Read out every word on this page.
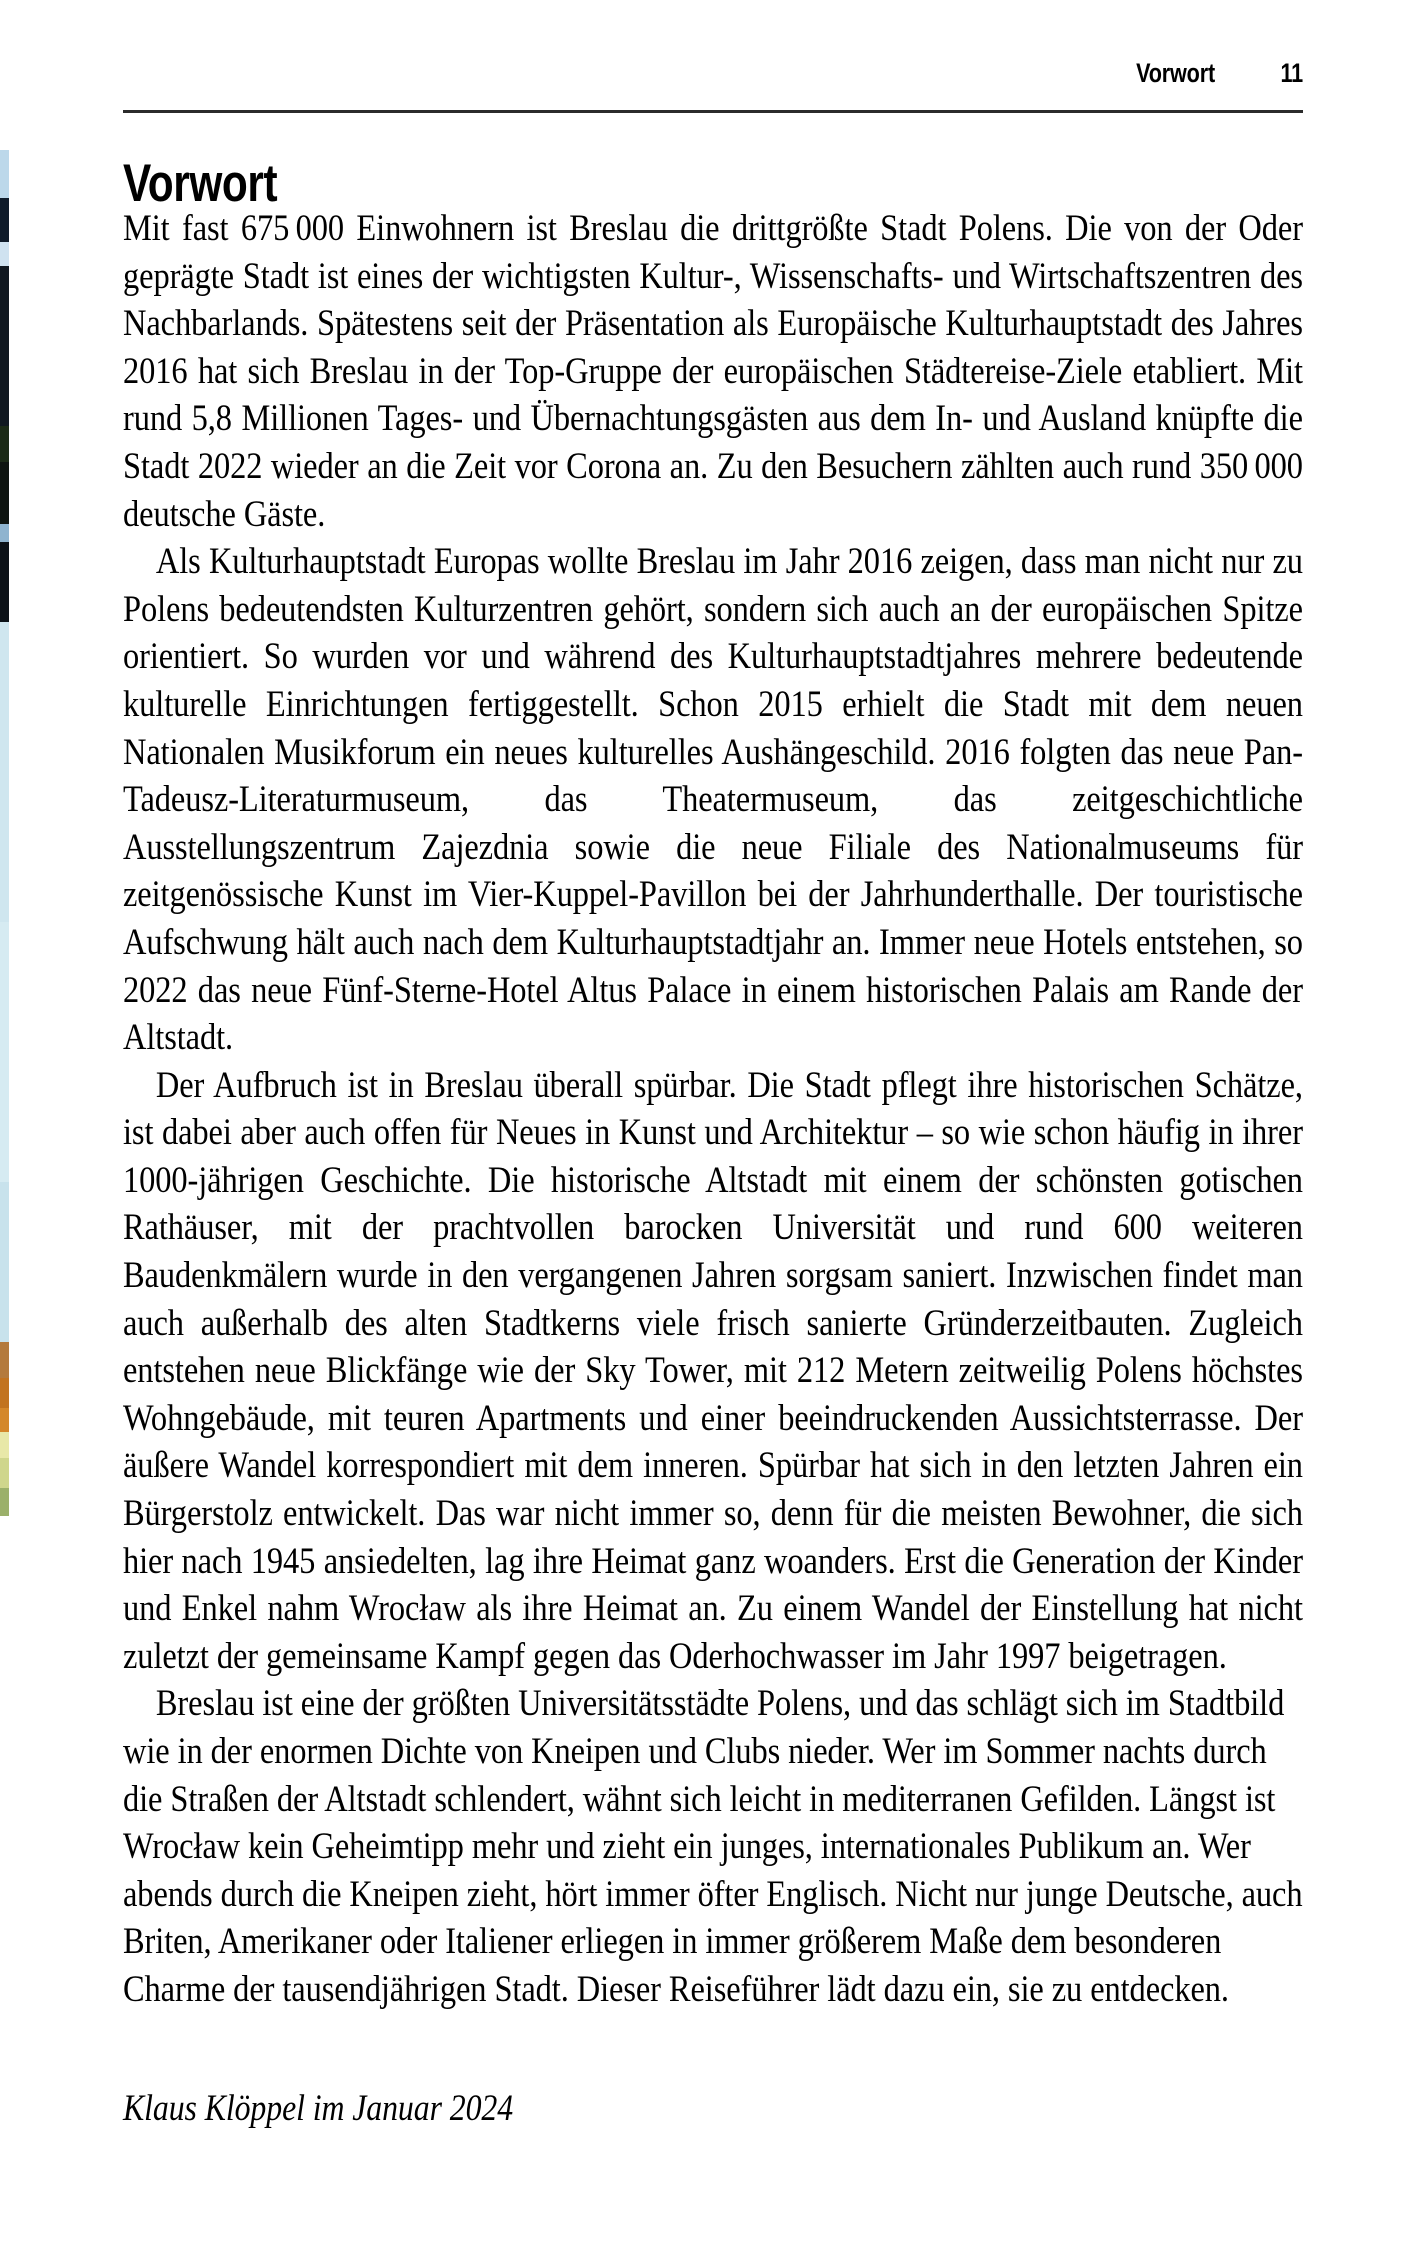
Vorwort 11
Vorwort

Mit fast 675 000 Einwohnern ist Breslau die drittgrößte Stadt Polens. Die von der Oder geprägte Stadt ist eines der wichtigsten Kultur-, Wissenschafts- und Wirtschaftszentren des Nachbarlands. Spätestens seit der Präsentation als Europäische Kulturhauptstadt des Jahres 2016 hat sich Breslau in der Top-Gruppe der europäischen Städtereise-Ziele etabliert. Mit rund 5,8 Millionen Tages- und Übernachtungsgästen aus dem In- und Ausland knüpfte die Stadt 2022 wieder an die Zeit vor Corona an. Zu den Besuchern zählten auch rund 350 000 deutsche Gäste.

Als Kulturhauptstadt Europas wollte Breslau im Jahr 2016 zeigen, dass man nicht nur zu Polens bedeutendsten Kulturzentren gehört, sondern sich auch an der europäischen Spitze orientiert. So wurden vor und während des Kulturhauptstadtjahres mehrere bedeutende kulturelle Einrichtungen fertiggestellt. Schon 2015 erhielt die Stadt mit dem neuen Nationalen Musikforum ein neues kulturelles Aushängeschild. 2016 folgten das neue Pan-Tadeusz-Literaturmuseum, das Theatermuseum, das zeitgeschichtliche Ausstellungszentrum Zajezdnia sowie die neue Filiale des Nationalmuseums für zeitgenössische Kunst im Vier-Kuppel-Pavillon bei der Jahrhunderthalle. Der touristische Aufschwung hält auch nach dem Kulturhauptstadtjahr an. Immer neue Hotels entstehen, so 2022 das neue Fünf-Sterne-Hotel Altus Palace in einem historischen Palais am Rande der Altstadt.

Der Aufbruch ist in Breslau überall spürbar. Die Stadt pflegt ihre historischen Schätze, ist dabei aber auch offen für Neues in Kunst und Architektur – so wie schon häufig in ihrer 1000-jährigen Geschichte. Die historische Altstadt mit einem der schönsten gotischen Rathäuser, mit der prachtvollen barocken Universität und rund 600 weiteren Baudenkmälern wurde in den vergangenen Jahren sorgsam saniert. Inzwischen findet man auch außerhalb des alten Stadtkerns viele frisch sanierte Gründerzeitbauten. Zugleich entstehen neue Blickfänge wie der Sky Tower, mit 212 Metern zeitweilig Polens höchstes Wohngebäude, mit teuren Apartments und einer beeindruckenden Aussichtsterrasse. Der äußere Wandel korrespondiert mit dem inneren. Spürbar hat sich in den letzten Jahren ein Bürgerstolz entwickelt. Das war nicht immer so, denn für die meisten Bewohner, die sich hier nach 1945 ansiedelten, lag ihre Heimat ganz woanders. Erst die Generation der Kinder und Enkel nahm Wrocław als ihre Heimat an. Zu einem Wandel der Einstellung hat nicht zuletzt der gemeinsame Kampf gegen das Oderhochwasser im Jahr 1997 beigetragen.

Breslau ist eine der größten Universitätsstädte Polens, und das schlägt sich im Stadtbild wie in der enormen Dichte von Kneipen und Clubs nieder. Wer im Sommer nachts durch die Straßen der Altstadt schlendert, wähnt sich leicht in mediterranen Gefilden. Längst ist Wrocław kein Geheimtipp mehr und zieht ein junges, internationales Publikum an. Wer abends durch die Kneipen zieht, hört immer öfter Englisch. Nicht nur junge Deutsche, auch Briten, Amerikaner oder Italiener erliegen in immer größerem Maße dem besonderen Charme der tausendjährigen Stadt. Dieser Reiseführer lädt dazu ein, sie zu entdecken.

Klaus Klöppel im Januar 2024
